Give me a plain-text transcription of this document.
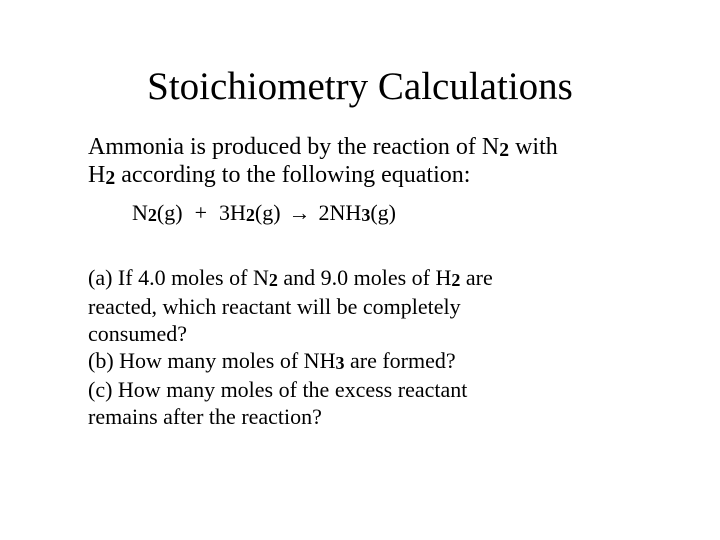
Stoichiometry Calculations
Ammonia is produced by the reaction of N2 with
H2 according to the following equation:
N2(g) + 3H2(g) → 2NH3(g)
(a) If 4.0 moles of N2 and 9.0 moles of H2 are
reacted, which reactant will be completely
consumed?
(b) How many moles of NH3 are formed?
(c) How many moles of the excess reactant
remains after the reaction?
